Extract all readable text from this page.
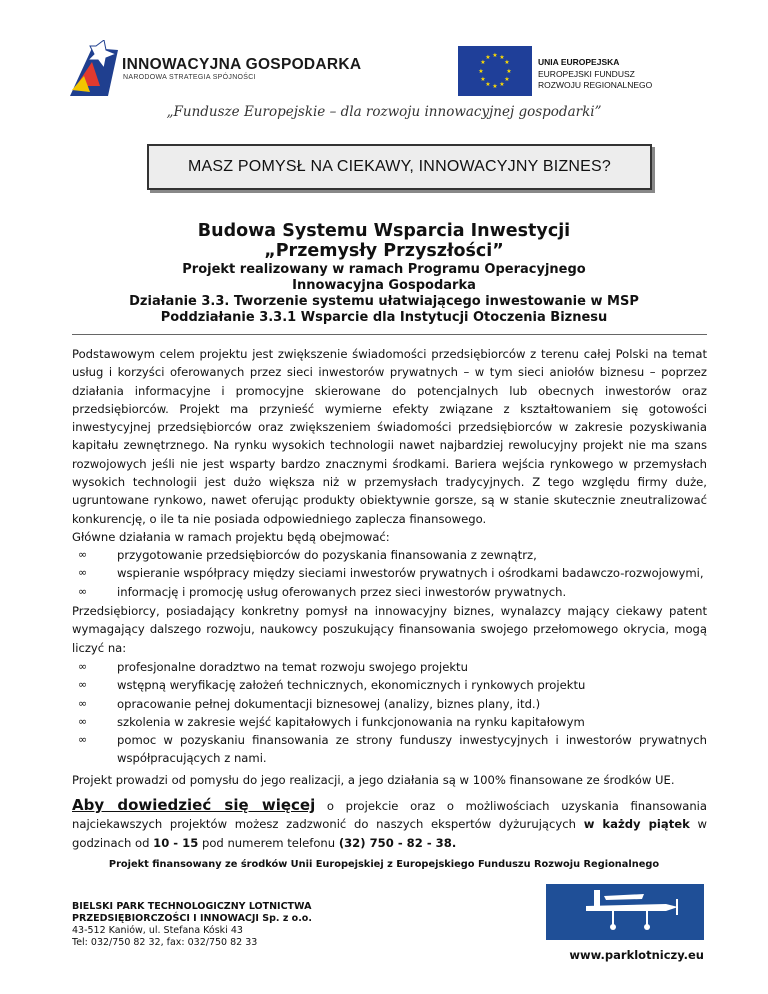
INNOWACYJNA GOSPODARKA
NARODOWA STRATEGIA SPÓJNOŚCI
★ ★
★
★
★
★
★
★
★
★
★
★	UNIA EUROPEJSKA
EUROPEJSKI FUNDUSZ
ROZWOJU REGIONALNEGO
„Fundusze Europejskie – dla rozwoju innowacyjnej gospodarki”
MASZ POMYSŁ NA CIEKAWY, INNOWACYJNY BIZNES?
Budowa Systemu Wsparcia Inwestycji
„Przemysły Przyszłości”
Projekt realizowany w ramach Programu Operacyjnego
Innowacyjna Gospodarka
Działanie 3.3. Tworzenie systemu ułatwiającego inwestowanie w MSP
Poddziałanie 3.3.1 Wsparcie dla Instytucji Otoczenia Biznesu
Podstawowym celem projektu jest zwiększenie świadomości przedsiębiorców z terenu całej Polski na temat usług i korzyści oferowanych przez sieci inwestorów prywatnych – w tym sieci aniołów biznesu – poprzez działania informacyjne i promocyjne skierowane do potencjalnych lub obecnych inwestorów oraz przedsiębiorców. Projekt ma przynieść wymierne efekty związane z kształtowaniem się gotowości inwestycyjnej przedsiębiorców oraz zwiększeniem świadomości przedsiębiorców w zakresie pozyskiwania kapitału zewnętrznego. Na rynku wysokich technologii nawet najbardziej rewolucyjny projekt nie ma szans rozwojowych jeśli nie jest wsparty bardzo znacznymi środkami. Bariera wejścia rynkowego w przemysłach wysokich technologii jest dużo większa niż w przemysłach tradycyjnych. Z tego względu firmy duże, ugruntowane rynkowo, nawet oferując produkty obiektywnie gorsze, są w stanie skutecznie zneutralizować konkurencję, o ile ta nie posiada odpowiedniego zaplecza finansowego.
Główne działania w ramach projektu będą obejmować:
∞	przygotowanie przedsiębiorców do pozyskania finansowania z zewnątrz,
∞	wspieranie współpracy między sieciami inwestorów prywatnych i ośrodkami badawczo-rozwojowymi,
∞	informację i promocję usług oferowanych przez sieci inwestorów prywatnych.
Przedsiębiorcy, posiadający konkretny pomysł na innowacyjny biznes, wynalazcy mający ciekawy patent wymagający dalszego rozwoju, naukowcy poszukujący finansowania swojego przełomowego okrycia, mogą liczyć na:
∞	profesjonalne doradztwo na temat rozwoju swojego projektu
∞	wstępną weryfikację założeń technicznych, ekonomicznych i rynkowych projektu
∞	opracowanie pełnej dokumentacji biznesowej (analizy, biznes plany, itd.)
∞	szkolenia w zakresie wejść kapitałowych i funkcjonowania na rynku kapitałowym
∞	pomoc w pozyskaniu finansowania ze strony funduszy inwestycyjnych i inwestorów prywatnych współpracujących z nami.
Projekt prowadzi od pomysłu do jego realizacji, a jego działania są w 100% finansowane ze środków UE.
Aby dowiedzieć się więcej o projekcie oraz o możliwościach uzyskania finansowania najciekawszych projektów możesz zadzwonić do naszych ekspertów dyżurujących w każdy piątek w godzinach od 10 - 15 pod numerem telefonu (32) 750 - 82 - 38.
Projekt finansowany ze środków Unii Europejskiej z Europejskiego Funduszu Rozwoju Regionalnego
BIELSKI PARK TECHNOLOGICZNY LOTNICTWA
PRZEDSIĘBIORCZOŚCI I INNOWACJI Sp. z o.o.
43-512 Kaniów, ul. Stefana Kóski 43
Tel: 032/750 82 32, fax: 032/750 82 33
www.parklotniczy.eu
